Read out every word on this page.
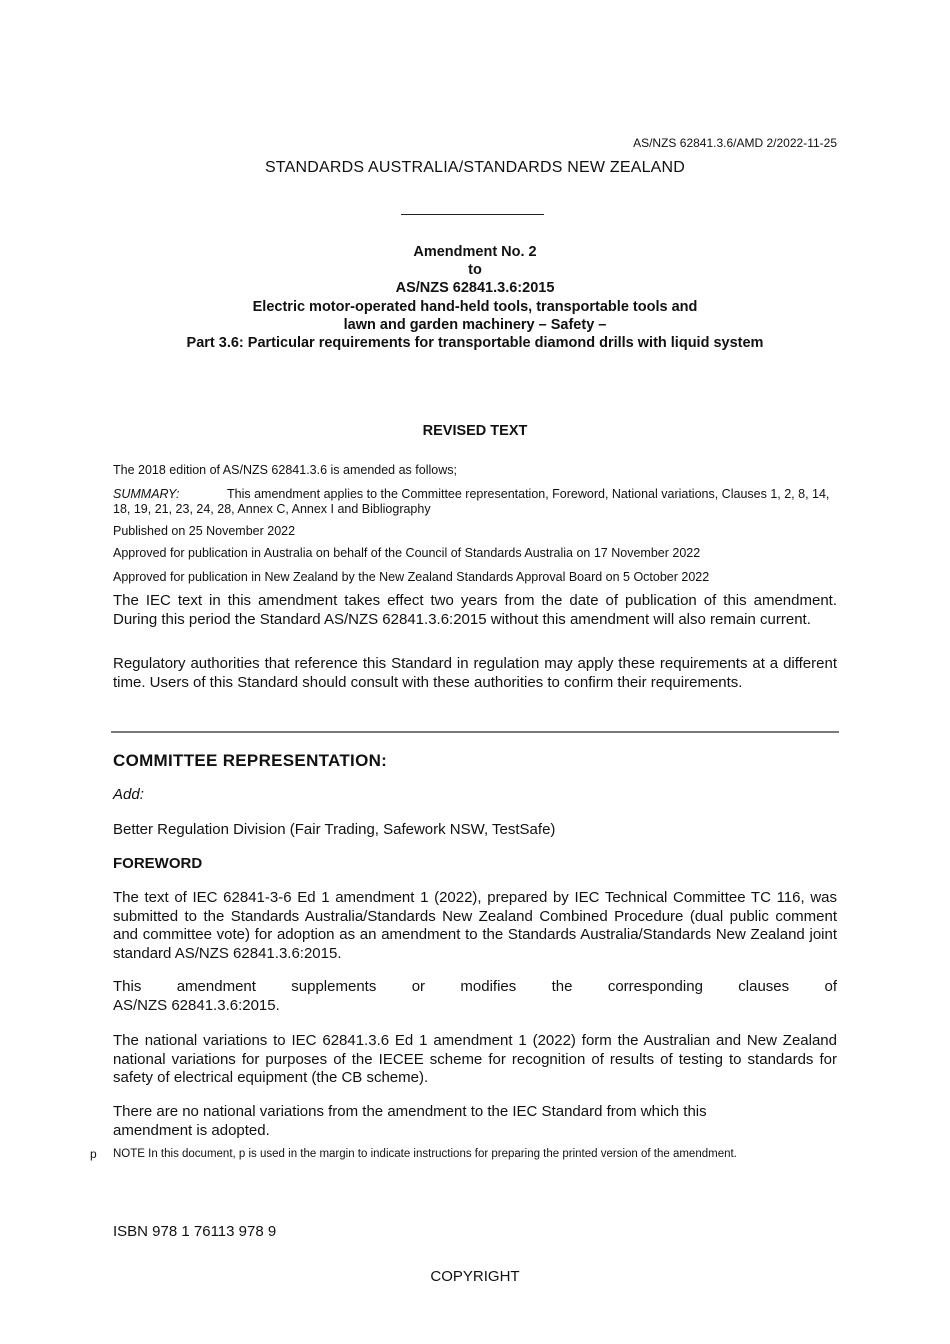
AS/NZS 62841.3.6/AMD 2/2022-11-25
STANDARDS AUSTRALIA/STANDARDS NEW ZEALAND
Amendment No. 2
to
AS/NZS 62841.3.6:2015
Electric motor-operated hand-held tools, transportable tools and
lawn and garden machinery – Safety –
Part 3.6: Particular requirements for transportable diamond drills with liquid system
REVISED TEXT
The 2018 edition of AS/NZS 62841.3.6 is amended as follows;
SUMMARY:	This amendment applies to the Committee representation, Foreword, National variations, Clauses 1, 2, 8, 14, 18, 19, 21, 23, 24, 28, Annex C, Annex I and Bibliography
Published on 25 November 2022
Approved for publication in Australia on behalf of the Council of Standards Australia on 17 November 2022
Approved for publication in New Zealand by the New Zealand Standards Approval Board on 5 October 2022
The IEC text in this amendment takes effect two years from the date of publication of this amendment. During this period the Standard AS/NZS 62841.3.6:2015 without this amendment will also remain current.
Regulatory authorities that reference this Standard in regulation may apply these requirements at a different time. Users of this Standard should consult with these authorities to confirm their requirements.
COMMITTEE REPRESENTATION:
Add:
Better Regulation Division (Fair Trading, Safework NSW, TestSafe)
FOREWORD
The text of IEC 62841-3-6 Ed 1 amendment 1 (2022), prepared by IEC Technical Committee TC 116, was submitted to the Standards Australia/Standards New Zealand Combined Procedure (dual public comment and committee vote) for adoption as an amendment to the Standards Australia/Standards New Zealand joint standard AS/NZS 62841.3.6:2015.
This amendment supplements or modifies the corresponding clauses of
AS/NZS 62841.3.6:2015.
The national variations to IEC 62841.3.6 Ed 1 amendment 1 (2022) form the Australian and New Zealand national variations for purposes of the IECEE scheme for recognition of results of testing to standards for safety of electrical equipment (the CB scheme).
There are no national variations from the amendment to the IEC Standard from which this
amendment is adopted.
p NOTE In this document, p is used in the margin to indicate instructions for preparing the printed version of the amendment.
ISBN 978 1 76113 978 9
COPYRIGHT
